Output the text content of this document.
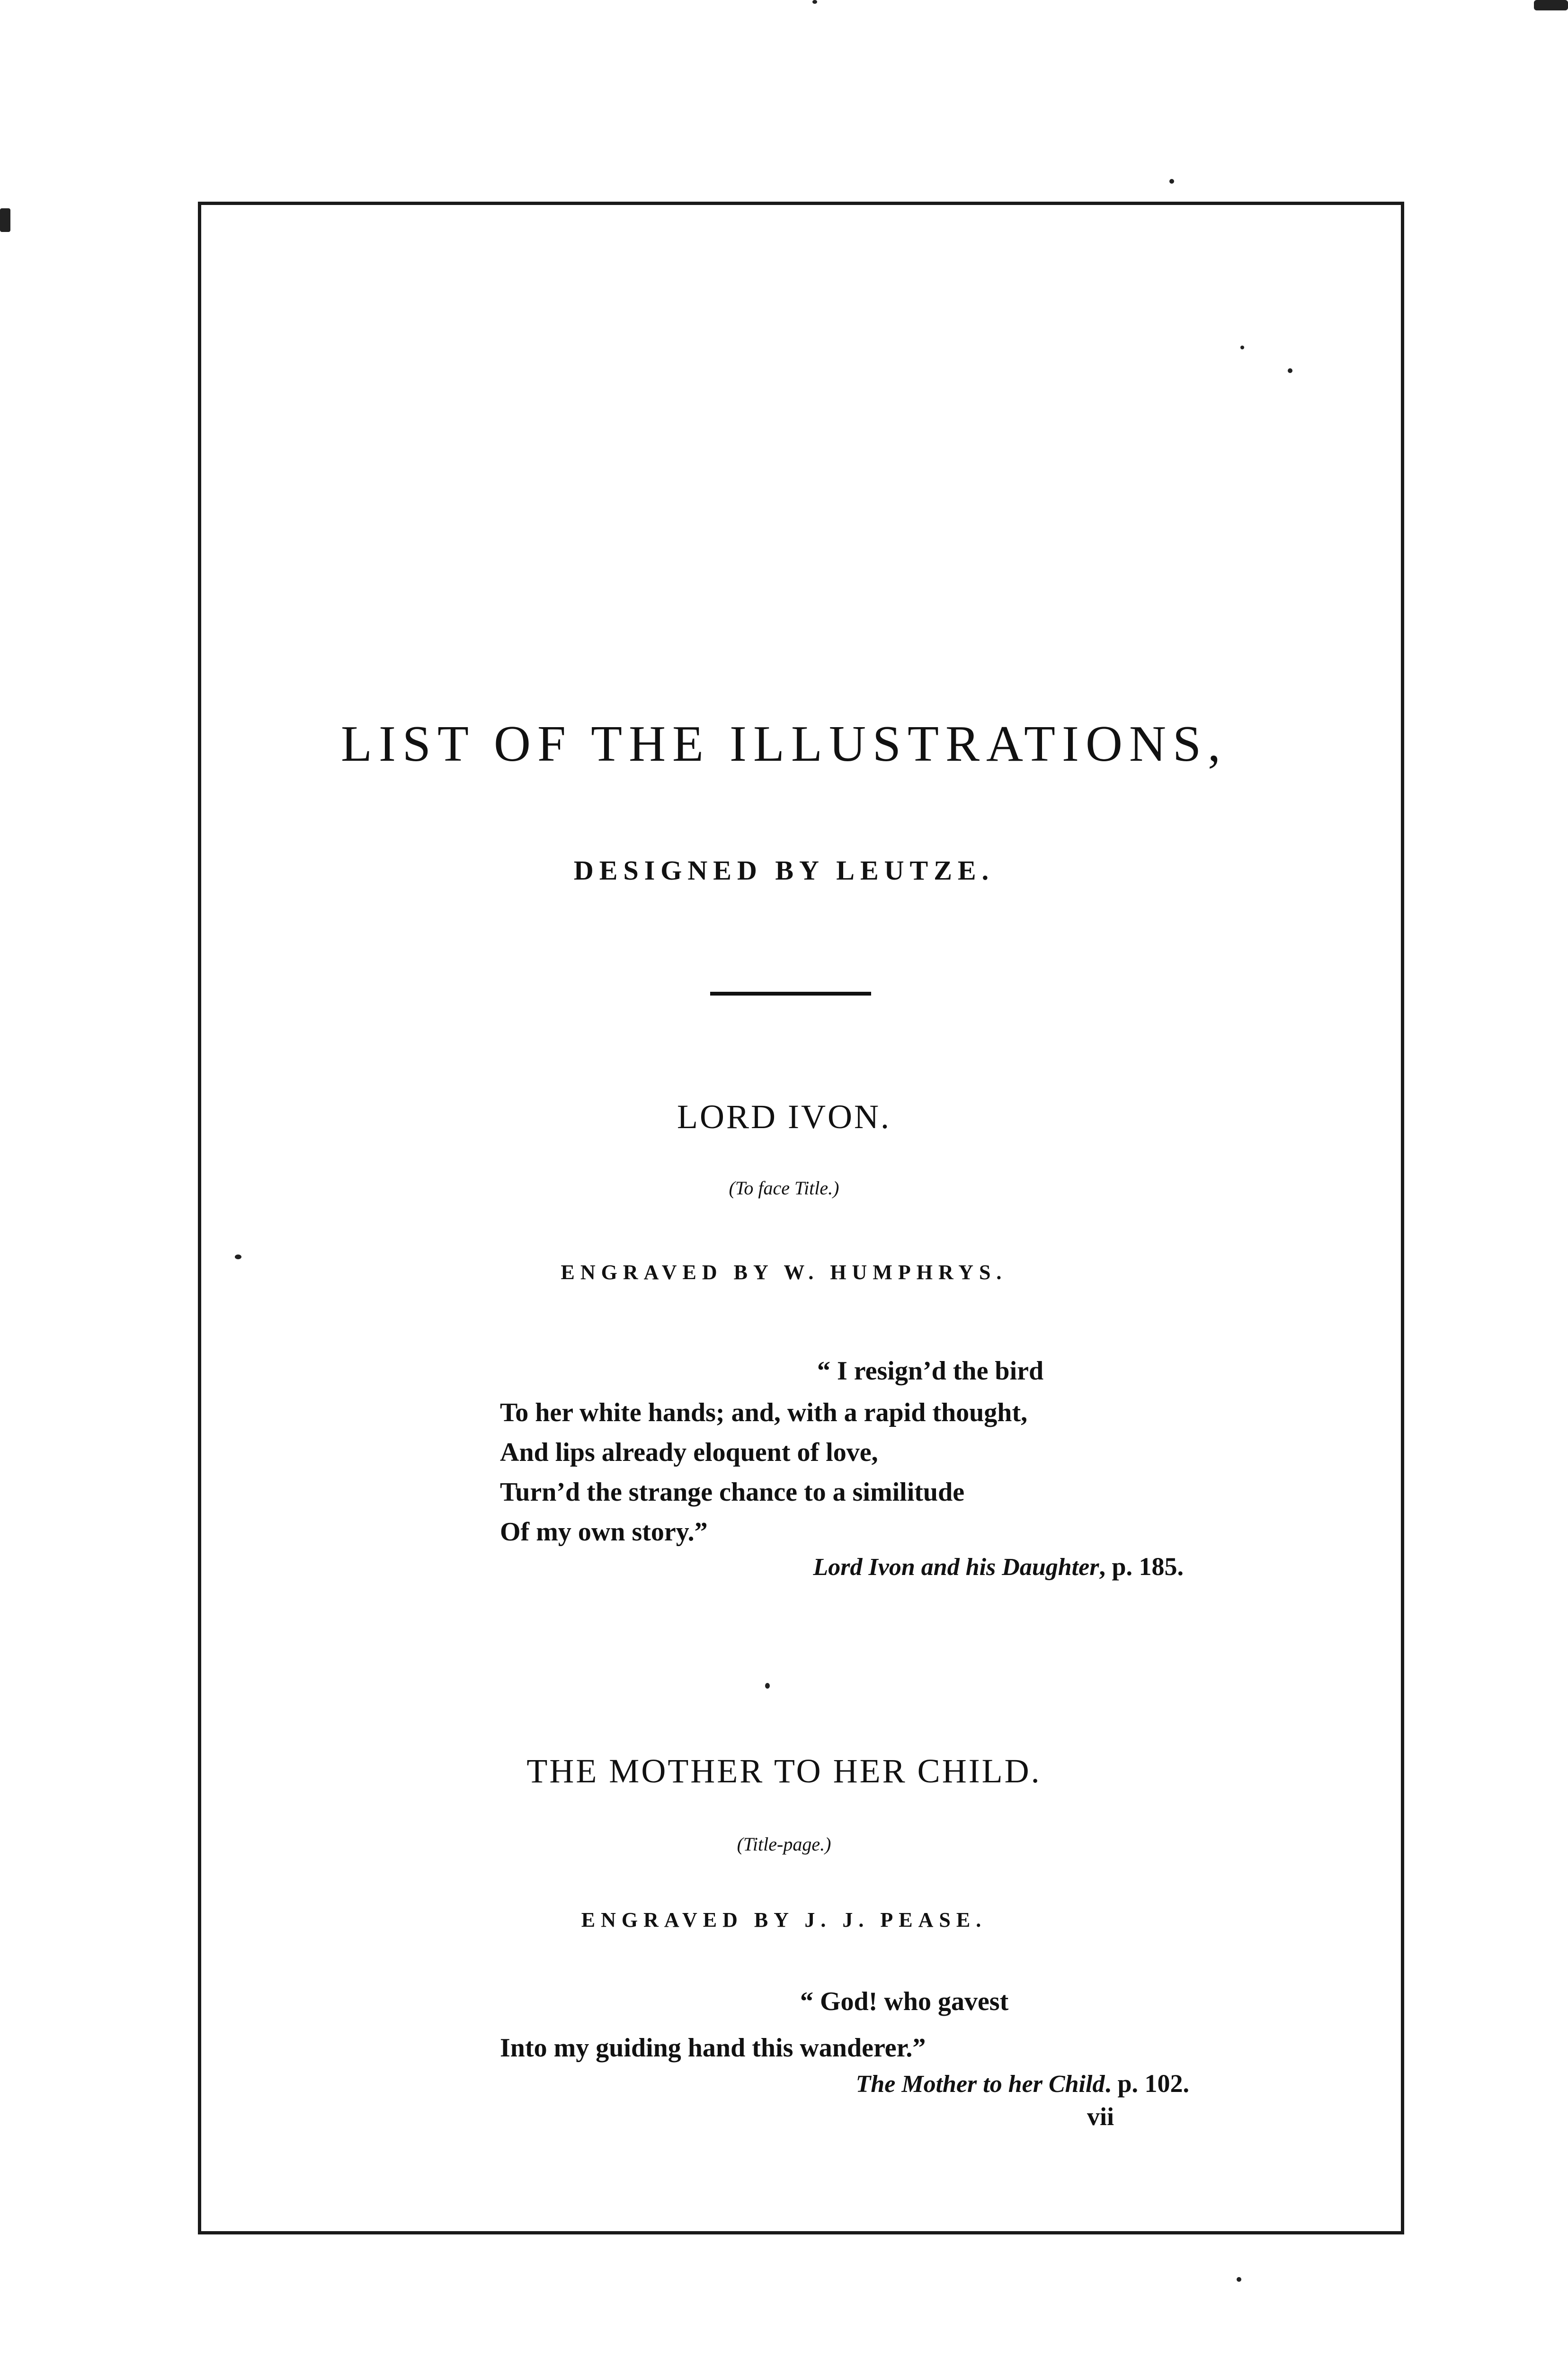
LIST OF THE ILLUSTRATIONS,
DESIGNED BY LEUTZE.
LORD IVON.
(To face Title.)
ENGRAVED BY W. HUMPHRYS.
“ I resign’d the bird
To her white hands; and, with a rapid thought,
And lips already eloquent of love,
Turn’d the strange chance to a similitude
Of my own story.”
Lord Ivon and his Daughter, p. 185.
THE MOTHER TO HER CHILD.
(Title-page.)
ENGRAVED BY J. J. PEASE.
“ God! who gavest
Into my guiding hand this wanderer.”
The Mother to her Child. p. 102.
vii
